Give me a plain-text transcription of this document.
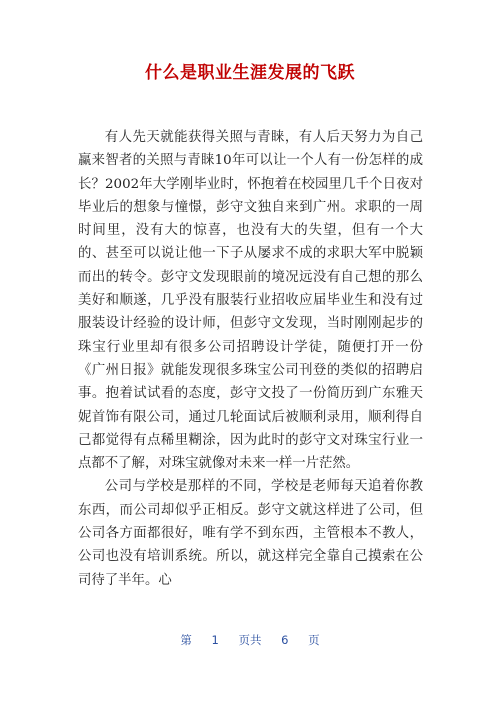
什么是职业生涯发展的飞跃

有人先天就能获得关照与青睐，有人后天努力为自己赢来智者的关照与青睐10年可以让一个人有一份怎样的成长？2002年大学刚毕业时，怀抱着在校园里几千个日夜对毕业后的想象与憧憬，彭守文独自来到广州。求职的一周时间里，没有大的惊喜，也没有大的失望，但有一个大的、甚至可以说让他一下子从屡求不成的求职大军中脱颖而出的转令。彭守文发现眼前的境况远没有自己想的那么美好和顺遂，几乎没有服装行业招收应届毕业生和没有过服装设计经验的设计师，但彭守文发现，当时刚刚起步的珠宝行业里却有很多公司招聘设计学徒，随便打开一份《广州日报》就能发现很多珠宝公司刊登的类似的招聘启事。抱着试试看的态度，彭守文投了一份简历到广东雅天妮首饰有限公司，通过几轮面试后被顺利录用，顺利得自己都觉得有点稀里糊涂，因为此时的彭守文对珠宝行业一点都不了解，对珠宝就像对未来一样一片茫然。

公司与学校是那样的不同，学校是老师每天追着你教东西，而公司却似乎正相反。彭守文就这样进了公司，但公司各方面都很好，唯有学不到东西，主管根本不教人，公司也没有培训系统。所以，就这样完全靠自己摸索在公司待了半年。心

第 1 页共 6 页
